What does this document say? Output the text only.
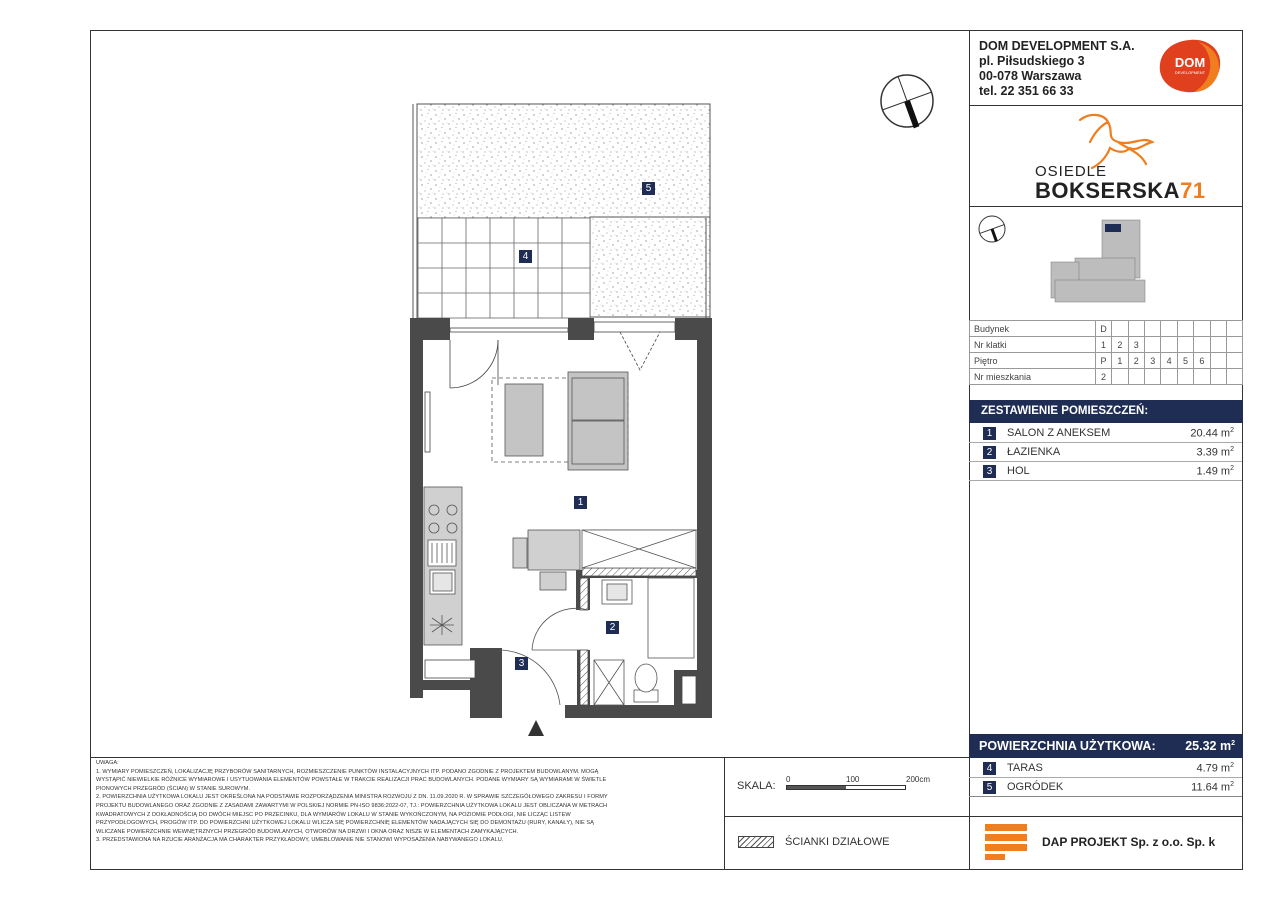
5
4
1
2
3
DOM DEVELOPMENT S.A.
pl. Piłsudskiego 3
00-078 Warszawa
tel. 22 351 66 33
DOM
DEVELOPMENT
OSIEDLE
BOKSERSKA71
Budynek	D								
Nr klatki	1	2	3						
Piętro	P	1	2	3	4	5	6		
Nr mieszkania	2								
ZESTAWIENIE POMIESZCZEŃ:
1	SALON Z ANEKSEM	20.44 $m^2$
2	ŁAZIENKA	3.39 $m^2$
3	HOL	1.49 $m^2$
POWIERZCHNIA UŻYTKOWA: 25.32 $m^2$
4	TARAS	4.79 $m^2$
5	OGRÓDEK	11.64 $m^2$
DAP PROJEKT Sp. z o.o. Sp. k
UWAGA:
1. WYMIARY POMIESZCZEŃ, LOKALIZACJĘ PRZYBORÓW SANITARNYCH, ROZMIESZCZENIE PUNKTÓW INSTALACYJNYCH ITP. PODANO ZGODNIE Z PROJEKTEM BUDOWLANYM. MOGĄ
WYSTĄPIĆ NIEWIELKIE RÓŻNICE WYMIAROWE I USYTUOWANIA ELEMENTÓW POWSTAŁE W TRAKCIE REALIZACJI PRAC BUDOWLANYCH. PODANE WYMIARY SĄ WYMIARAMI W ŚWIETLE
PIONOWYCH PRZEGRÓD (ŚCIAN) W STANIE SUROWYM.
2. POWIERZCHNIA UŻYTKOWA LOKALU JEST OKREŚLONA NA PODSTAWIE ROZPORZĄDZENIA MINISTRA ROZWOJU Z DN. 11.09.2020 R. W SPRAWIE SZCZEGÓŁOWEGO ZAKRESU I FORMY
PROJEKTU BUDOWLANEGO ORAZ ZGODNIE Z ZASADAMI ZAWARTYMI W POLSKIEJ NORMIE PN-ISO 9836:2022-07, TJ.: POWIERZCHNIA UŻYTKOWA LOKALU JEST OBLICZANA W METRACH
KWADRATOWYCH Z DOKŁADNOŚCIĄ DO DWÓCH MIEJSC PO PRZECINKU, DLA WYMIARÓW LOKALU W STANIE WYKOŃCZONYM, NA POZIOMIE PODŁOGI, NIE LICZĄC LISTEW
PRZYPODŁOGOWYCH, PROGÓW ITP. DO POWIERZCHNI UŻYTKOWEJ LOKALU WLICZA SIĘ POWIERZCHNIĘ ELEMENTÓW NADAJĄCYCH SIĘ DO DEMONTAŻU (RURY, KANAŁY), NIE SĄ
WLICZANE POWIERZCHNIE WEWNĘTRZNYCH PRZEGRÓD BUDOWLANYCH, OTWORÓW NA DRZWI I OKNA ORAZ NISZE W ELEMENTACH ZAMYKAJĄCYCH.
3. PRZEDSTAWIONA NA RZUCIE ARANŻACJA MA CHARAKTER PRZYKŁADOWY, UMEBLOWANIE NIE STANOWI WYPOSAŻENIA NABYWANEGO LOKALU.
SKALA:
0	100	200cm
ŚCIANKI DZIAŁOWE
